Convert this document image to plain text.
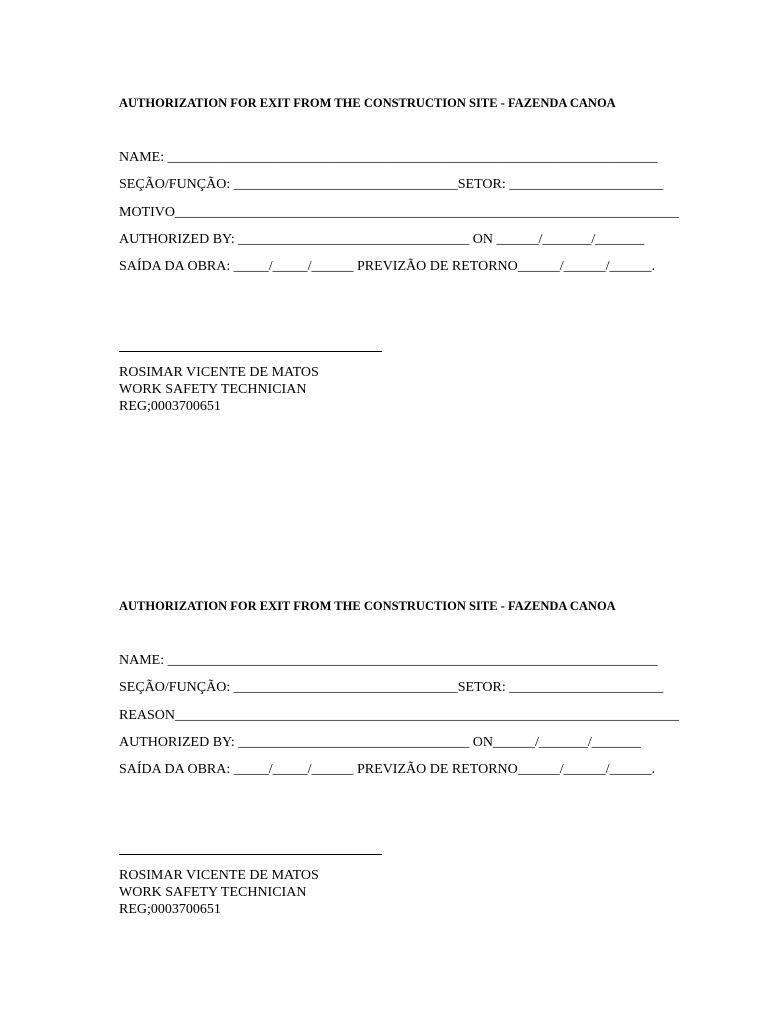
AUTHORIZATION FOR EXIT FROM THE CONSTRUCTION SITE - FAZENDA CANOA
NAME: ______________________________________________________________________
SEÇÃO/FUNÇÃO: ________________________________SETOR: ______________________
MOTIVO________________________________________________________________________
AUTHORIZED BY: _________________________________ ON ______/_______/_______
SAÍDA DA OBRA: _____/_____/______ PREVIZÃO DE RETORNO______/______/______.
ROSIMAR VICENTE DE MATOS
WORK SAFETY TECHNICIAN
REG;0003700651
AUTHORIZATION FOR EXIT FROM THE CONSTRUCTION SITE - FAZENDA CANOA
NAME: ______________________________________________________________________
SEÇÃO/FUNÇÃO: ________________________________SETOR: ______________________
REASON________________________________________________________________________
AUTHORIZED BY: _________________________________ ON______/_______/_______
SAÍDA DA OBRA: _____/_____/______ PREVIZÃO DE RETORNO______/______/______.
ROSIMAR VICENTE DE MATOS
WORK SAFETY TECHNICIAN
REG;0003700651
